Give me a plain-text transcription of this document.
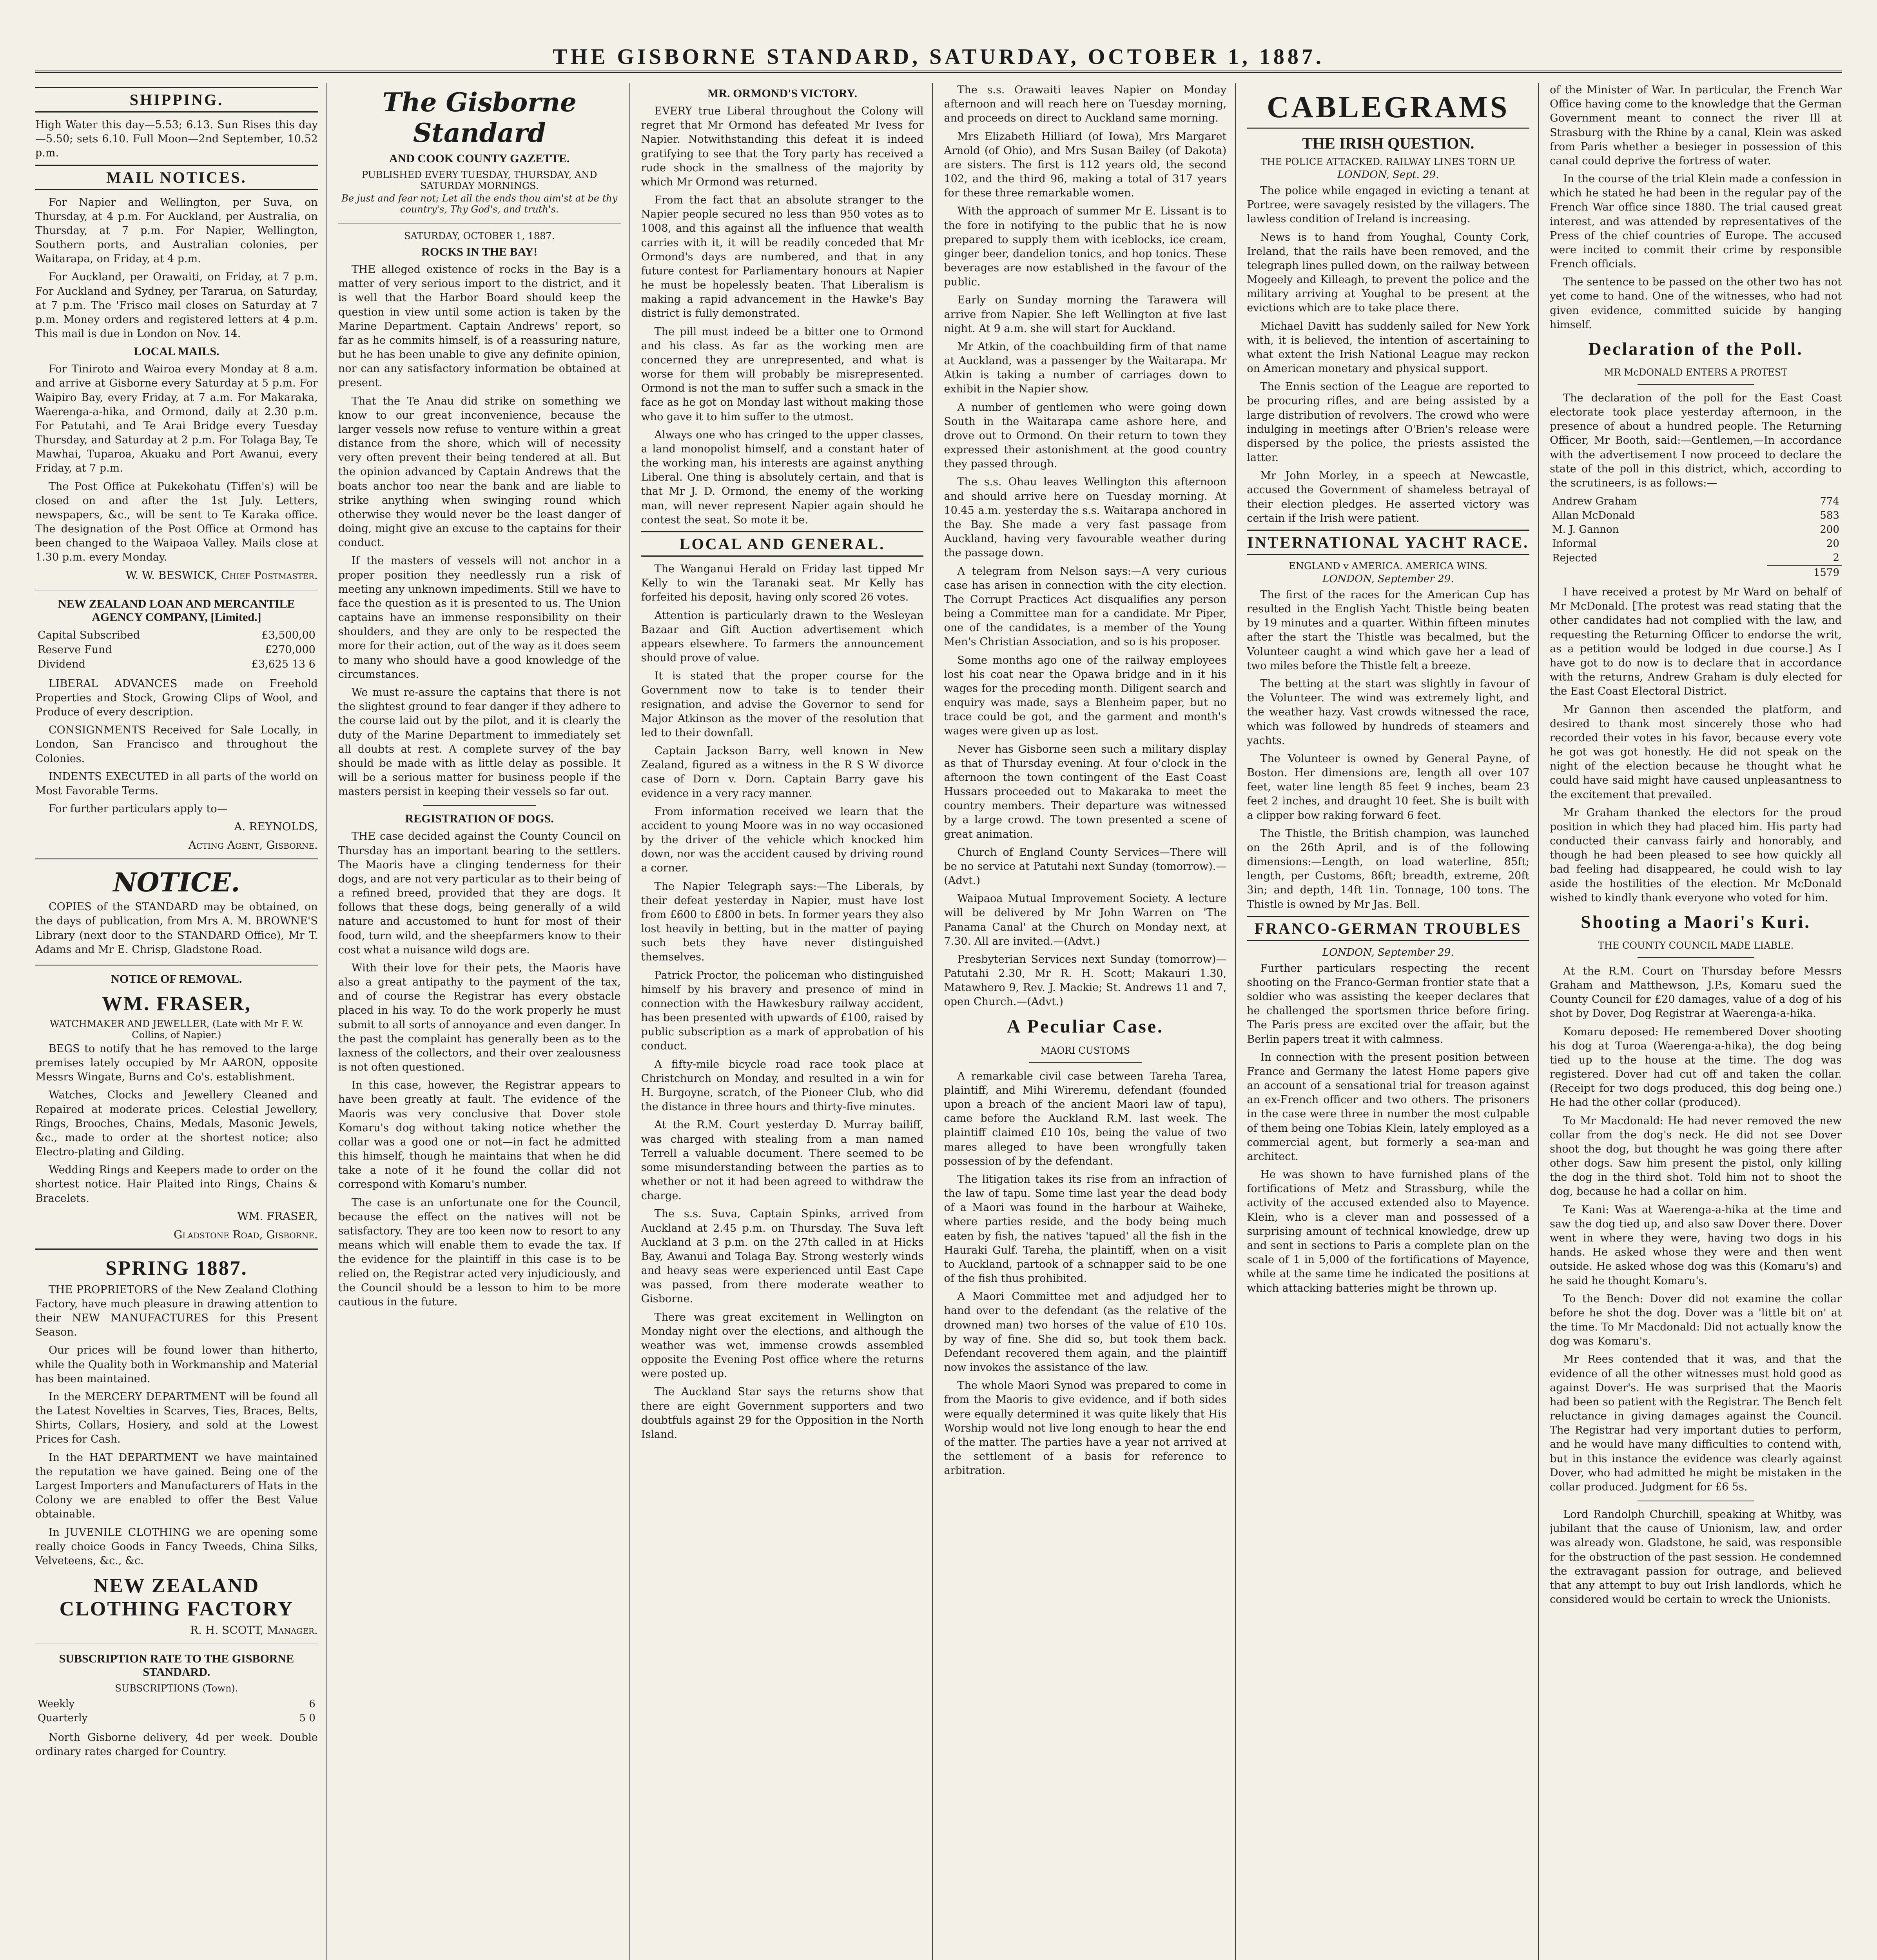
THE GISBORNE STANDARD, SATURDAY, OCTOBER 1, 1887.
SHIPPING.

High Water this day—5.53; 6.13. Sun Rises this day—5.50; sets 6.10. Full Moon—2nd September, 10.52 p.m.

MAIL NOTICES.

For Napier and Wellington, per Suva, on Thursday, at 4 p.m. For Auckland, per Australia, on Thursday, at 7 p.m. For Napier, Wellington, Southern ports, and Australian colonies, per Waitarapa, on Friday, at 4 p.m.

For Auckland, per Orawaiti, on Friday, at 7 p.m. For Auckland and Sydney, per Tararua, on Saturday, at 7 p.m. The 'Frisco mail closes on Saturday at 7 p.m. Money orders and registered letters at 4 p.m. This mail is due in London on Nov. 14.

LOCAL MAILS.

For Tiniroto and Wairoa every Monday at 8 a.m. and arrive at Gisborne every Saturday at 5 p.m. For Waipiro Bay, every Friday, at 7 a.m. For Makaraka, Waerenga-a-hika, and Ormond, daily at 2.30 p.m. For Patutahi, and Te Arai Bridge every Tuesday Thursday, and Saturday at 2 p.m. For Tolaga Bay, Te Mawhai, Tuparoa, Akuaku and Port Awanui, every Friday, at 7 p.m.

The Post Office at Pukekohatu (Tiffen's) will be closed on and after the 1st July. Letters, newspapers, &c., will be sent to Te Karaka office. The designation of the Post Office at Ormond has been changed to the Waipaoa Valley. Mails close at 1.30 p.m. every Monday.

W. W. BESWICK, Chief Postmaster.
NEW ZEALAND LOAN AND MERCANTILE AGENCY COMPANY, [Limited.]
Capital Subscribed	£3,500,00
Reserve Fund	£270,000
Dividend	£3,625 13 6

LIBERAL ADVANCES made on Freehold Properties and Stock, Growing Clips of Wool, and Produce of every description.

CONSIGNMENTS Received for Sale Locally, in London, San Francisco and throughout the Colonies.

INDENTS EXECUTED in all parts of the world on Most Favorable Terms.

For further particulars apply to—

A. REYNOLDS,
Acting Agent, Gisborne.
NOTICE.

COPIES of the STANDARD may be obtained, on the days of publication, from Mrs A. M. BROWNE'S Library (next door to the STANDARD Office), Mr T. Adams and Mr E. Chrisp, Gladstone Road.

NOTICE OF REMOVAL.
WM. FRASER,
WATCHMAKER AND JEWELLER, (Late with Mr F. W. Collins, of Napier.)

BEGS to notify that he has removed to the large premises lately occupied by Mr AARON, opposite Messrs Wingate, Burns and Co's. establishment.

Watches, Clocks and Jewellery Cleaned and Repaired at moderate prices. Celestial Jewellery, Rings, Brooches, Chains, Medals, Masonic Jewels, &c., made to order at the shortest notice; also Electro-plating and Gilding.

Wedding Rings and Keepers made to order on the shortest notice. Hair Plaited into Rings, Chains & Bracelets.

WM. FRASER,
Gladstone Road, Gisborne.
SPRING 1887.

THE PROPRIETORS of the New Zealand Clothing Factory, have much pleasure in drawing attention to their NEW MANUFACTURES for this Present Season.

Our prices will be found lower than hitherto, while the Quality both in Workmanship and Material has been maintained.

In the MERCERY DEPARTMENT will be found all the Latest Novelties in Scarves, Ties, Braces, Belts, Shirts, Collars, Hosiery, and sold at the Lowest Prices for Cash.

In the HAT DEPARTMENT we have maintained the reputation we have gained. Being one of the Largest Importers and Manufacturers of Hats in the Colony we are enabled to offer the Best Value obtainable.

In JUVENILE CLOTHING we are opening some really choice Goods in Fancy Tweeds, China Silks, Velveteens, &c., &c.

NEW ZEALAND CLOTHING FACTORY
R. H. SCOTT, Manager.
SUBSCRIPTION RATE TO THE GISBORNE STANDARD.
SUBSCRIPTIONS (Town).
Weekly	6
Quarterly	5 0

North Gisborne delivery, 4d per week. Double ordinary rates charged for Country.

The Gisborne Standard
AND COOK COUNTY GAZETTE.
PUBLISHED EVERY TUESDAY, THURSDAY, AND SATURDAY MORNINGS.
Be just and fear not; Let all the ends thou aim'st at be thy country's, Thy God's, and truth's.
SATURDAY, OCTOBER 1, 1887.
ROCKS IN THE BAY!

THE alleged existence of rocks in the Bay is a matter of very serious import to the district, and it is well that the Harbor Board should keep the question in view until some action is taken by the Marine Department. Captain Andrews' report, so far as he commits himself, is of a reassuring nature, but he has been unable to give any definite opinion, nor can any satisfactory information be obtained at present.

That the Te Anau did strike on something we know to our great inconvenience, because the larger vessels now refuse to venture within a great distance from the shore, which will of necessity very often prevent their being tendered at all. But the opinion advanced by Captain Andrews that the boats anchor too near the bank and are liable to strike anything when swinging round which otherwise they would never be the least danger of doing, might give an excuse to the captains for their conduct.

If the masters of vessels will not anchor in a proper position they needlessly run a risk of meeting any unknown impediments. Still we have to face the question as it is presented to us. The Union captains have an immense responsibility on their shoulders, and they are only to be respected the more for their action, out of the way as it does seem to many who should have a good knowledge of the circumstances.

We must re-assure the captains that there is not the slightest ground to fear danger if they adhere to the course laid out by the pilot, and it is clearly the duty of the Marine Department to immediately set all doubts at rest. A complete survey of the bay should be made with as little delay as possible. It will be a serious matter for business people if the masters persist in keeping their vessels so far out.

REGISTRATION OF DOGS.

THE case decided against the County Council on Thursday has an important bearing to the settlers. The Maoris have a clinging tenderness for their dogs, and are not very particular as to their being of a refined breed, provided that they are dogs. It follows that these dogs, being generally of a wild nature and accustomed to hunt for most of their food, turn wild, and the sheepfarmers know to their cost what a nuisance wild dogs are.

With their love for their pets, the Maoris have also a great antipathy to the payment of the tax, and of course the Registrar has every obstacle placed in his way. To do the work properly he must submit to all sorts of annoyance and even danger. In the past the complaint has generally been as to the laxness of the collectors, and their over zealousness is not often questioned.

In this case, however, the Registrar appears to have been greatly at fault. The evidence of the Maoris was very conclusive that Dover stole Komaru's dog without taking notice whether the collar was a good one or not—in fact he admitted this himself, though he maintains that when he did take a note of it he found the collar did not correspond with Komaru's number.

The case is an unfortunate one for the Council, because the effect on the natives will not be satisfactory. They are too keen now to resort to any means which will enable them to evade the tax. If the evidence for the plaintiff in this case is to be relied on, the Registrar acted very injudiciously, and the Council should be a lesson to him to be more cautious in the future.

MR. ORMOND'S VICTORY.

EVERY true Liberal throughout the Colony will regret that Mr Ormond has defeated Mr Ivess for Napier. Notwithstanding this defeat it is indeed gratifying to see that the Tory party has received a rude shock in the smallness of the majority by which Mr Ormond was returned.

From the fact that an absolute stranger to the Napier people secured no less than 950 votes as to 1008, and this against all the influence that wealth carries with it, it will be readily conceded that Mr Ormond's days are numbered, and that in any future contest for Parliamentary honours at Napier he must be hopelessly beaten. That Liberalism is making a rapid advancement in the Hawke's Bay district is fully demonstrated.

The pill must indeed be a bitter one to Ormond and his class. As far as the working men are concerned they are unrepresented, and what is worse for them will probably be misrepresented. Ormond is not the man to suffer such a smack in the face as he got on Monday last without making those who gave it to him suffer to the utmost.

Always one who has cringed to the upper classes, a land monopolist himself, and a constant hater of the working man, his interests are against anything Liberal. One thing is absolutely certain, and that is that Mr J. D. Ormond, the enemy of the working man, will never represent Napier again should he contest the seat. So mote it be.

LOCAL AND GENERAL.

The Wanganui Herald on Friday last tipped Mr Kelly to win the Taranaki seat. Mr Kelly has forfeited his deposit, having only scored 26 votes.

Attention is particularly drawn to the Wesleyan Bazaar and Gift Auction advertisement which appears elsewhere. To farmers the announcement should prove of value.

It is stated that the proper course for the Government now to take is to tender their resignation, and advise the Governor to send for Major Atkinson as the mover of the resolution that led to their downfall.

Captain Jackson Barry, well known in New Zealand, figured as a witness in the R S W divorce case of Dorn v. Dorn. Captain Barry gave his evidence in a very racy manner.

From information received we learn that the accident to young Moore was in no way occasioned by the driver of the vehicle which knocked him down, nor was the accident caused by driving round a corner.

The Napier Telegraph says:—The Liberals, by their defeat yesterday in Napier, must have lost from £600 to £800 in bets. In former years they also lost heavily in betting, but in the matter of paying such bets they have never distinguished themselves.

Patrick Proctor, the policeman who distinguished himself by his bravery and presence of mind in connection with the Hawkesbury railway accident, has been presented with upwards of £100, raised by public subscription as a mark of approbation of his conduct.

A fifty-mile bicycle road race took place at Christchurch on Monday, and resulted in a win for H. Burgoyne, scratch, of the Pioneer Club, who did the distance in three hours and thirty-five minutes.

At the R.M. Court yesterday D. Murray bailiff, was charged with stealing from a man named Terrell a valuable document. There seemed to be some misunderstanding between the parties as to whether or not it had been agreed to withdraw the charge.

The s.s. Suva, Captain Spinks, arrived from Auckland at 2.45 p.m. on Thursday. The Suva left Auckland at 3 p.m. on the 27th called in at Hicks Bay, Awanui and Tolaga Bay. Strong westerly winds and heavy seas were experienced until East Cape was passed, from there moderate weather to Gisborne.

There was great excitement in Wellington on Monday night over the elections, and although the weather was wet, immense crowds assembled opposite the Evening Post office where the returns were posted up.

The Auckland Star says the returns show that there are eight Government supporters and two doubtfuls against 29 for the Opposition in the North Island.

The s.s. Orawaiti leaves Napier on Monday afternoon and will reach here on Tuesday morning, and proceeds on direct to Auckland same morning.

Mrs Elizabeth Hilliard (of Iowa), Mrs Margaret Arnold (of Ohio), and Mrs Susan Bailey (of Dakota) are sisters. The first is 112 years old, the second 102, and the third 96, making a total of 317 years for these three remarkable women.

With the approach of summer Mr E. Lissant is to the fore in notifying to the public that he is now prepared to supply them with iceblocks, ice cream, ginger beer, dandelion tonics, and hop tonics. These beverages are now established in the favour of the public.

Early on Sunday morning the Tarawera will arrive from Napier. She left Wellington at five last night. At 9 a.m. she will start for Auckland.

Mr Atkin, of the coachbuilding firm of that name at Auckland, was a passenger by the Waitarapa. Mr Atkin is taking a number of carriages down to exhibit in the Napier show.

A number of gentlemen who were going down South in the Waitarapa came ashore here, and drove out to Ormond. On their return to town they expressed their astonishment at the good country they passed through.

The s.s. Ohau leaves Wellington this afternoon and should arrive here on Tuesday morning. At 10.45 a.m. yesterday the s.s. Waitarapa anchored in the Bay. She made a very fast passage from Auckland, having very favourable weather during the passage down.

A telegram from Nelson says:—A very curious case has arisen in connection with the city election. The Corrupt Practices Act disqualifies any person being a Committee man for a candidate. Mr Piper, one of the candidates, is a member of the Young Men's Christian Association, and so is his proposer.

Some months ago one of the railway employees lost his coat near the Opawa bridge and in it his wages for the preceding month. Diligent search and enquiry was made, says a Blenheim paper, but no trace could be got, and the garment and month's wages were given up as lost.

Never has Gisborne seen such a military display as that of Thursday evening. At four o'clock in the afternoon the town contingent of the East Coast Hussars proceeded out to Makaraka to meet the country members. Their departure was witnessed by a large crowd. The town presented a scene of great animation.

Church of England County Services—There will be no service at Patutahi next Sunday (tomorrow).—(Advt.)

Waipaoa Mutual Improvement Society. A lecture will be delivered by Mr John Warren on 'The Panama Canal' at the Church on Monday next, at 7.30. All are invited.—(Advt.)

Presbyterian Services next Sunday (tomorrow)—Patutahi 2.30, Mr R. H. Scott; Makauri 1.30, Matawhero 9, Rev. J. Mackie; St. Andrews 11 and 7, open Church.—(Advt.)

A Peculiar Case.
MAORI CUSTOMS

A remarkable civil case between Tareha Tarea, plaintiff, and Mihi Wireremu, defendant (founded upon a breach of the ancient Maori law of tapu), came before the Auckland R.M. last week. The plaintiff claimed £10 10s, being the value of two mares alleged to have been wrongfully taken possession of by the defendant.

The litigation takes its rise from an infraction of the law of tapu. Some time last year the dead body of a Maori was found in the harbour at Waiheke, where parties reside, and the body being much eaten by fish, the natives 'tapued' all the fish in the Hauraki Gulf. Tareha, the plaintiff, when on a visit to Auckland, partook of a schnapper said to be one of the fish thus prohibited.

A Maori Committee met and adjudged her to hand over to the defendant (as the relative of the drowned man) two horses of the value of £10 10s. by way of fine. She did so, but took them back. Defendant recovered them again, and the plaintiff now invokes the assistance of the law.

The whole Maori Synod was prepared to come in from the Maoris to give evidence, and if both sides were equally determined it was quite likely that His Worship would not live long enough to hear the end of the matter. The parties have a year not arrived at the settlement of a basis for reference to arbitration.

CABLEGRAMS
THE IRISH QUESTION.
THE POLICE ATTACKED. RAILWAY LINES TORN UP.
LONDON, Sept. 29.

The police while engaged in evicting a tenant at Portree, were savagely resisted by the villagers. The lawless condition of Ireland is increasing.

News is to hand from Youghal, County Cork, Ireland, that the rails have been removed, and the telegraph lines pulled down, on the railway between Mogeely and Killeagh, to prevent the police and the military arriving at Youghal to be present at the evictions which are to take place there.

Michael Davitt has suddenly sailed for New York with, it is believed, the intention of ascertaining to what extent the Irish National League may reckon on American monetary and physical support.

The Ennis section of the League are reported to be procuring rifles, and are being assisted by a large distribution of revolvers. The crowd who were indulging in meetings after O'Brien's release were dispersed by the police, the priests assisted the latter.

Mr John Morley, in a speech at Newcastle, accused the Government of shameless betrayal of their election pledges. He asserted victory was certain if the Irish were patient.

INTERNATIONAL YACHT RACE.
ENGLAND v AMERICA. AMERICA WINS.
LONDON, September 29.

The first of the races for the American Cup has resulted in the English Yacht Thistle being beaten by 19 minutes and a quarter. Within fifteen minutes after the start the Thistle was becalmed, but the Volunteer caught a wind which gave her a lead of two miles before the Thistle felt a breeze.

The betting at the start was slightly in favour of the Volunteer. The wind was extremely light, and the weather hazy. Vast crowds witnessed the race, which was followed by hundreds of steamers and yachts.

The Volunteer is owned by General Payne, of Boston. Her dimensions are, length all over 107 feet, water line length 85 feet 9 inches, beam 23 feet 2 inches, and draught 10 feet. She is built with a clipper bow raking forward 6 feet.

The Thistle, the British champion, was launched on the 26th April, and is of the following dimensions:—Length, on load waterline, 85ft; length, per Customs, 86ft; breadth, extreme, 20ft 3in; and depth, 14ft 1in. Tonnage, 100 tons. The Thistle is owned by Mr Jas. Bell.

FRANCO-GERMAN TROUBLES
LONDON, September 29.

Further particulars respecting the recent shooting on the Franco-German frontier state that a soldier who was assisting the keeper declares that he challenged the sportsmen thrice before firing. The Paris press are excited over the affair, but the Berlin papers treat it with calmness.

In connection with the present position between France and Germany the latest Home papers give an account of a sensational trial for treason against an ex-French officer and two others. The prisoners in the case were three in number the most culpable of them being one Tobias Klein, lately employed as a commercial agent, but formerly a sea-man and architect.

He was shown to have furnished plans of the fortifications of Metz and Strassburg, while the activity of the accused extended also to Mayence. Klein, who is a clever man and possessed of a surprising amount of technical knowledge, drew up and sent in sections to Paris a complete plan on the scale of 1 in 5,000 of the fortifications of Mayence, while at the same time he indicated the positions at which attacking batteries might be thrown up.

of the Minister of War. In particular, the French War Office having come to the knowledge that the German Government meant to connect the river Ill at Strasburg with the Rhine by a canal, Klein was asked from Paris whether a besieger in possession of this canal could deprive the fortress of water.

In the course of the trial Klein made a confession in which he stated he had been in the regular pay of the French War office since 1880. The trial caused great interest, and was attended by representatives of the Press of the chief countries of Europe. The accused were incited to commit their crime by responsible French officials.

The sentence to be passed on the other two has not yet come to hand. One of the witnesses, who had not given evidence, committed suicide by hanging himself.

Declaration of the Poll.
MR McDONALD ENTERS A PROTEST

The declaration of the poll for the East Coast electorate took place yesterday afternoon, in the presence of about a hundred people. The Returning Officer, Mr Booth, said:—Gentlemen,—In accordance with the advertisement I now proceed to declare the state of the poll in this district, which, according to the scrutineers, is as follows:—

Andrew Graham	774
Allan McDonald	583
M. J. Gannon	200
Informal	20
Rejected	2
	1579

I have received a protest by Mr Ward on behalf of Mr McDonald. [The protest was read stating that the other candidates had not complied with the law, and requesting the Returning Officer to endorse the writ, as a petition would be lodged in due course.] As I have got to do now is to declare that in accordance with the returns, Andrew Graham is duly elected for the East Coast Electoral District.

Mr Gannon then ascended the platform, and desired to thank most sincerely those who had recorded their votes in his favor, because every vote he got was got honestly. He did not speak on the night of the election because he thought what he could have said might have caused unpleasantness to the excitement that prevailed.

Mr Graham thanked the electors for the proud position in which they had placed him. His party had conducted their canvass fairly and honorably, and though he had been pleased to see how quickly all bad feeling had disappeared, he could wish to lay aside the hostilities of the election. Mr McDonald wished to kindly thank everyone who voted for him.

Shooting a Maori's Kuri.
THE COUNTY COUNCIL MADE LIABLE.

At the R.M. Court on Thursday before Messrs Graham and Matthewson, J.P.s, Komaru sued the County Council for £20 damages, value of a dog of his shot by Dover, Dog Registrar at Waerenga-a-hika.

Komaru deposed: He remembered Dover shooting his dog at Turoa (Waerenga-a-hika), the dog being tied up to the house at the time. The dog was registered. Dover had cut off and taken the collar. (Receipt for two dogs produced, this dog being one.) He had the other collar (produced).

To Mr Macdonald: He had never removed the new collar from the dog's neck. He did not see Dover shoot the dog, but thought he was going there after other dogs. Saw him present the pistol, only killing the dog in the third shot. Told him not to shoot the dog, because he had a collar on him.

Te Kani: Was at Waerenga-a-hika at the time and saw the dog tied up, and also saw Dover there. Dover went in where they were, having two dogs in his hands. He asked whose they were and then went outside. He asked whose dog was this (Komaru's) and he said he thought Komaru's.

To the Bench: Dover did not examine the collar before he shot the dog. Dover was a 'little bit on' at the time. To Mr Macdonald: Did not actually know the dog was Komaru's.

Mr Rees contended that it was, and that the evidence of all the other witnesses must hold good as against Dover's. He was surprised that the Maoris had been so patient with the Registrar. The Bench felt reluctance in giving damages against the Council. The Registrar had very important duties to perform, and he would have many difficulties to contend with, but in this instance the evidence was clearly against Dover, who had admitted he might be mistaken in the collar produced. Judgment for £6 5s.

Lord Randolph Churchill, speaking at Whitby, was jubilant that the cause of Unionism, law, and order was already won. Gladstone, he said, was responsible for the obstruction of the past session. He condemned the extravagant passion for outrage, and believed that any attempt to buy out Irish landlords, which he considered would be certain to wreck the Unionists.
